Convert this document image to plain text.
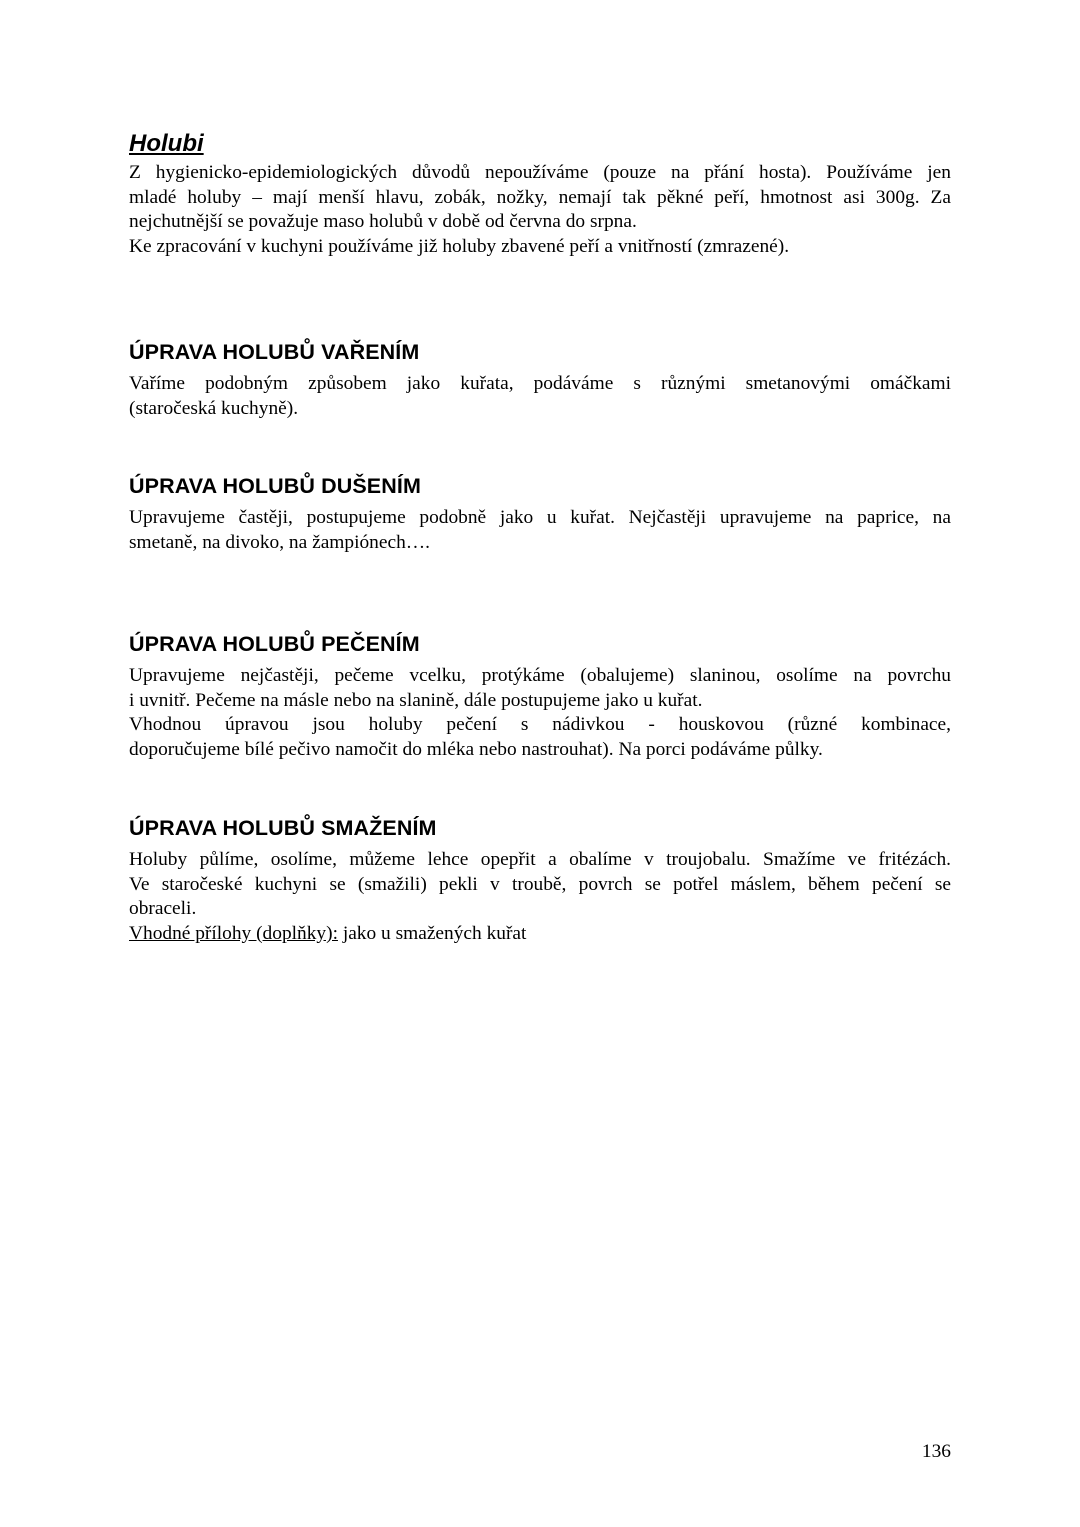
Holubi
Z hygienicko-epidemiologických důvodů nepoužíváme (pouze na přání hosta). Používáme jen
mladé holuby – mají menší hlavu, zobák, nožky, nemají tak pěkné peří, hmotnost asi 300g. Za
nejchutnější se považuje maso holubů v době od června do srpna.
Ke zpracování v kuchyni používáme již holuby zbavené peří a vnitřností (zmrazené).
ÚPRAVA HOLUBŮ VAŘENÍM
Vaříme podobným způsobem jako kuřata, podáváme s různými smetanovými omáčkami
(staročeská kuchyně).
ÚPRAVA HOLUBŮ DUŠENÍM
Upravujeme častěji, postupujeme podobně jako u kuřat. Nejčastěji upravujeme na paprice, na
smetaně, na divoko, na žampiónech….
ÚPRAVA HOLUBŮ PEČENÍM
Upravujeme nejčastěji, pečeme vcelku, protýkáme (obalujeme) slaninou, osolíme na povrchu
i uvnitř. Pečeme na másle nebo na slanině, dále postupujeme jako u kuřat.
Vhodnou úpravou jsou holuby pečení s nádivkou - houskovou (různé kombinace,
doporučujeme bílé pečivo namočit do mléka nebo nastrouhat). Na porci podáváme půlky.
ÚPRAVA HOLUBŮ SMAŽENÍM
Holuby půlíme, osolíme, můžeme lehce opepřit a obalíme v troujobalu. Smažíme ve fritézách.
Ve staročeské kuchyni se (smažili) pekli v troubě, povrch se potřel máslem, během pečení se
obraceli.
Vhodné přílohy (doplňky): jako u smažených kuřat

136
